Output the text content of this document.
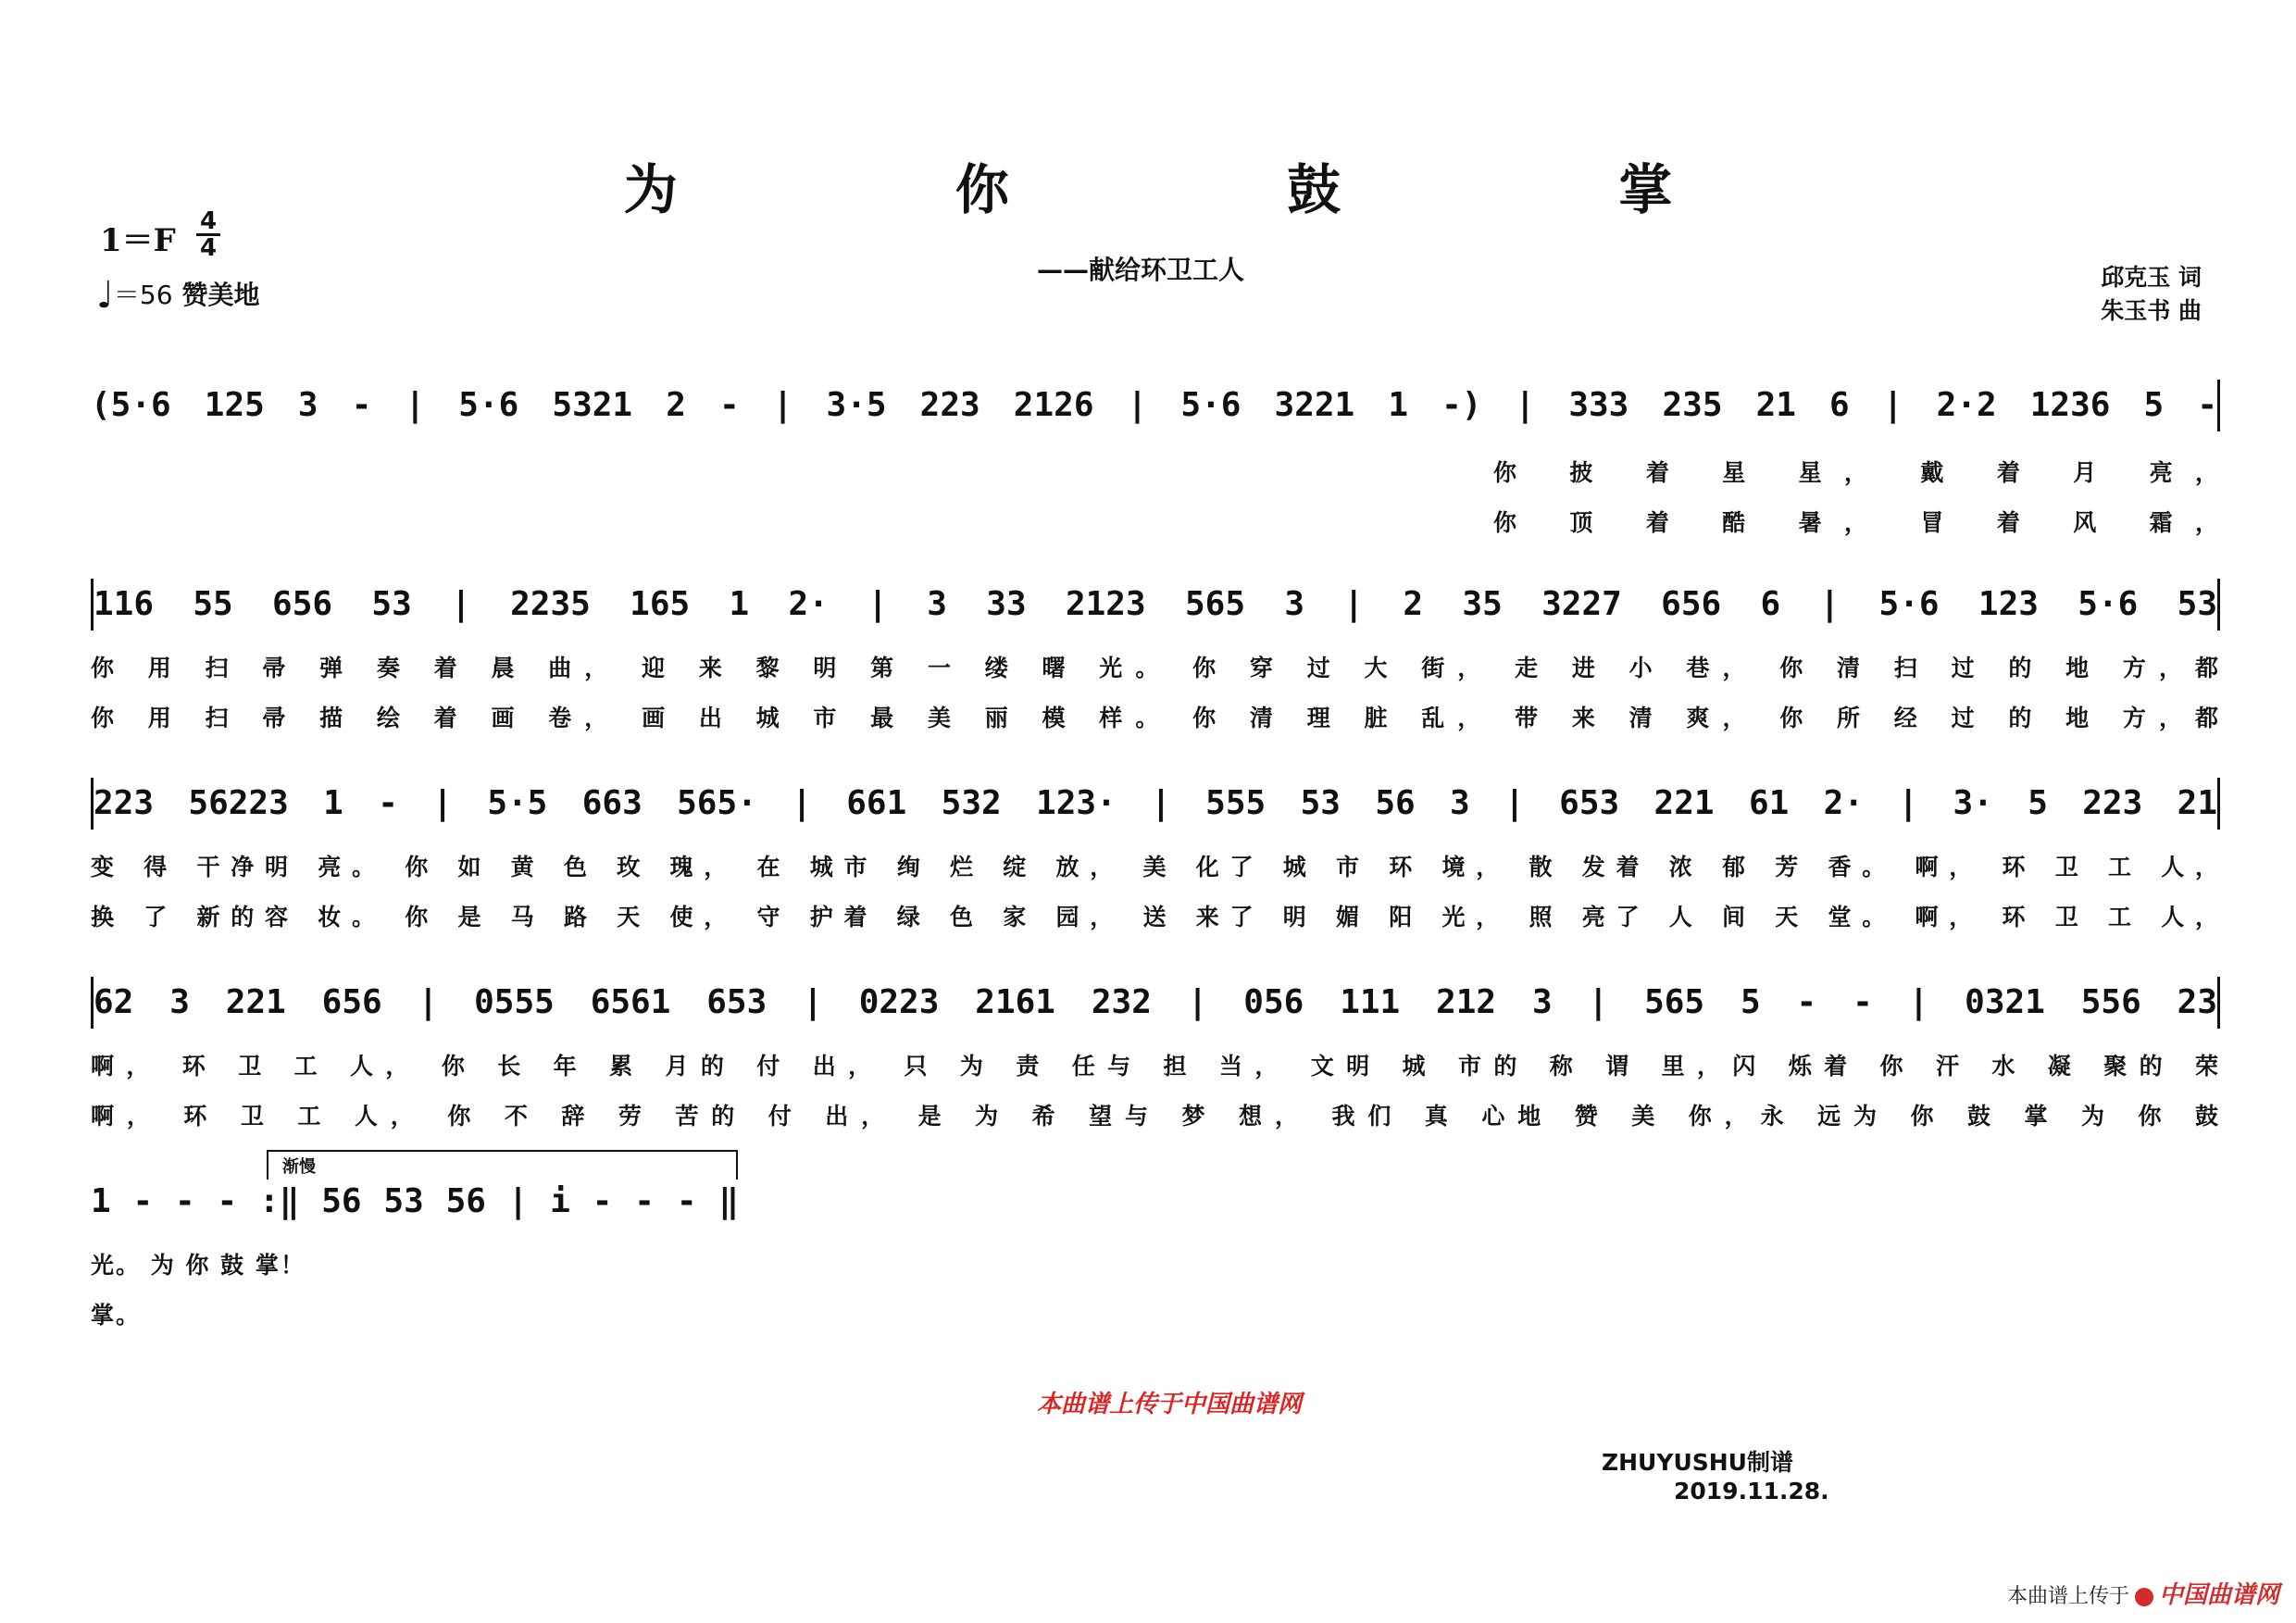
为 你 鼓 掌
——献给环卫工人
1＝F
4
4
♩＝56 赞美地
邱克玉 词
朱玉书 曲
(5·6 125 3 - | 5·6 5321 2 - | 3·5 223 2126 | 5·6 3221 1 -) | 333 235 21 6 | 2·2 1236 5 -
你 披 着 星 星， 戴 着 月 亮，
你 顶 着 酷 暑， 冒 着 风 霜，
116 55 656 53 | 2235 165 1 2· | 3 33 2123 565 3 | 2 35 3227 656 6 | 5·6 123 5·6 53
你 用 扫 帚 弹 奏 着 晨 曲， 迎 来 黎 明 第 一 缕 曙 光。 你 穿 过 大 街， 走 进 小 巷， 你 清 扫 过 的 地 方，都
你 用 扫 帚 描 绘 着 画 卷， 画 出 城 市 最 美 丽 模 样。 你 清 理 脏 乱， 带 来 清 爽， 你 所 经 过 的 地 方，都
223 56223 1 - | 5·5 663 565· | 661 532 123· | 555 53 56 3 | 653 221 61 2· | 3· 5 223 21
变 得 干净明 亮。 你 如 黄 色 玫 瑰， 在 城市 绚 烂 绽 放， 美 化了 城 市 环 境， 散 发着 浓 郁 芳 香。 啊， 环 卫 工 人，
换 了 新的容 妆。 你 是 马 路 天 使， 守 护着 绿 色 家 园， 送 来了 明 媚 阳 光， 照 亮了 人 间 天 堂。 啊， 环 卫 工 人，
62 3 221 656 | 0555 6561 653 | 0223 2161 232 | 056 111 212 3 | 565 5 - - | 0321 556 23
啊， 环 卫 工 人， 你 长 年 累 月的 付 出， 只 为 责 任与 担 当， 文明 城 市的 称 谓 里，闪 烁着 你 汗 水 凝 聚的 荣
啊， 环 卫 工 人， 你 不 辞 劳 苦的 付 出， 是 为 希 望与 梦 想， 我们 真 心地 赞 美 你，永 远为 你 鼓 掌 为 你 鼓
渐慢
1 - - - :‖ 56 53 56 | i - - - ‖
光。 为 你 鼓 掌！
掌。
本曲谱上传于中国曲谱网
ZHUYUSHU制谱
2019.11.28.
本曲谱上传于 中国曲谱网
